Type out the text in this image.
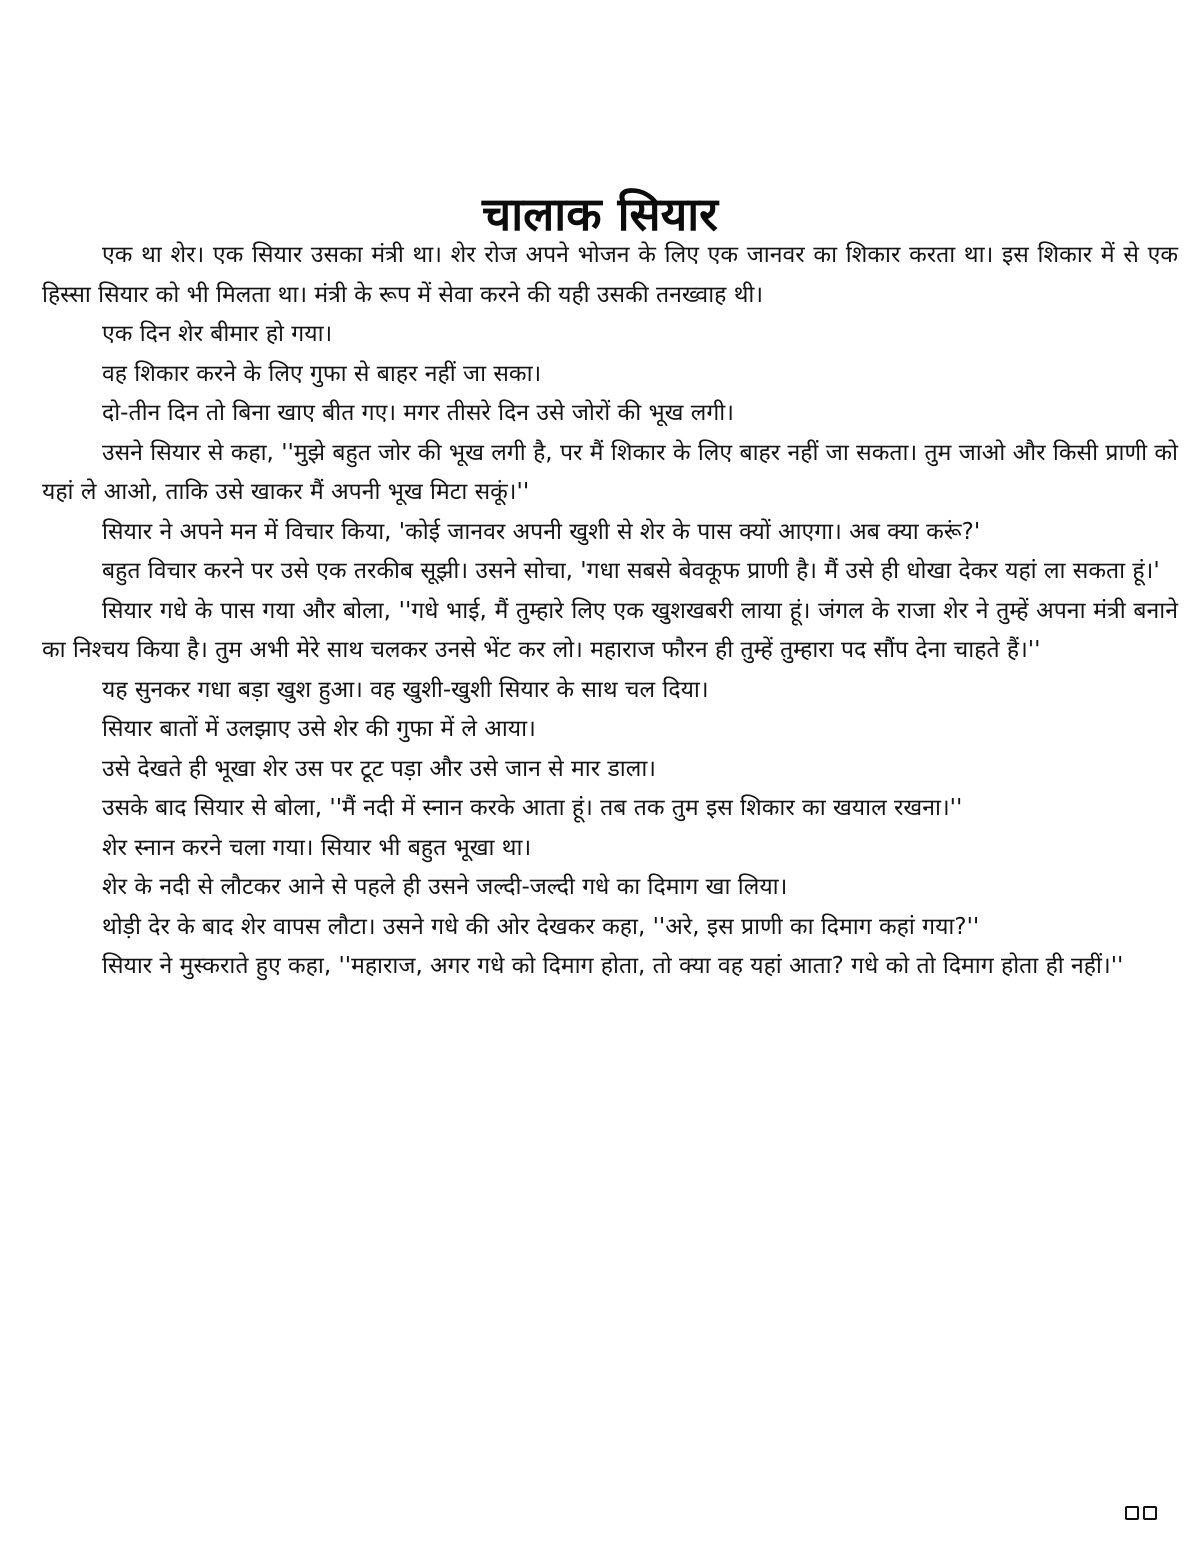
चालाक सियार

एक था शेर। एक सियार उसका मंत्री था। शेर रोज अपने भोजन के लिए एक जानवर का शिकार करता था। इस शिकार में से एक हिस्सा सियार को भी मिलता था। मंत्री के रूप में सेवा करने की यही उसकी तनख्वाह थी।

एक दिन शेर बीमार हो गया।

वह शिकार करने के लिए गुफा से बाहर नहीं जा सका।

दो-तीन दिन तो बिना खाए बीत गए। मगर तीसरे दिन उसे जोरों की भूख लगी।

उसने सियार से कहा, ''मुझे बहुत जोर की भूख लगी है, पर मैं शिकार के लिए बाहर नहीं जा सकता। तुम जाओ और किसी प्राणी को यहां ले आओ, ताकि उसे खाकर मैं अपनी भूख मिटा सकूं।''

सियार ने अपने मन में विचार किया, 'कोई जानवर अपनी खुशी से शेर के पास क्यों आएगा। अब क्या करूं?'

बहुत विचार करने पर उसे एक तरकीब सूझी। उसने सोचा, 'गधा सबसे बेवकूफ प्राणी है। मैं उसे ही धोखा देकर यहां ला सकता हूं।'

सियार गधे के पास गया और बोला, ''गधे भाई, मैं तुम्हारे लिए एक खुशखबरी लाया हूं। जंगल के राजा शेर ने तुम्हें अपना मंत्री बनाने का निश्चय किया है। तुम अभी मेरे साथ चलकर उनसे भेंट कर लो। महाराज फौरन ही तुम्हें तुम्हारा पद सौंप देना चाहते हैं।''

यह सुनकर गधा बड़ा खुश हुआ। वह खुशी-खुशी सियार के साथ चल दिया।

सियार बातों में उलझाए उसे शेर की गुफा में ले आया।

उसे देखते ही भूखा शेर उस पर टूट पड़ा और उसे जान से मार डाला।

उसके बाद सियार से बोला, ''मैं नदी में स्नान करके आता हूं। तब तक तुम इस शिकार का खयाल रखना।''

शेर स्नान करने चला गया। सियार भी बहुत भूखा था।

शेर के नदी से लौटकर आने से पहले ही उसने जल्दी-जल्दी गधे का दिमाग खा लिया।

थोड़ी देर के बाद शेर वापस लौटा। उसने गधे की ओर देखकर कहा, ''अरे, इस प्राणी का दिमाग कहां गया?''

सियार ने मुस्कराते हुए कहा, ''महाराज, अगर गधे को दिमाग होता, तो क्या वह यहां आता? गधे को तो दिमाग होता ही नहीं।''
